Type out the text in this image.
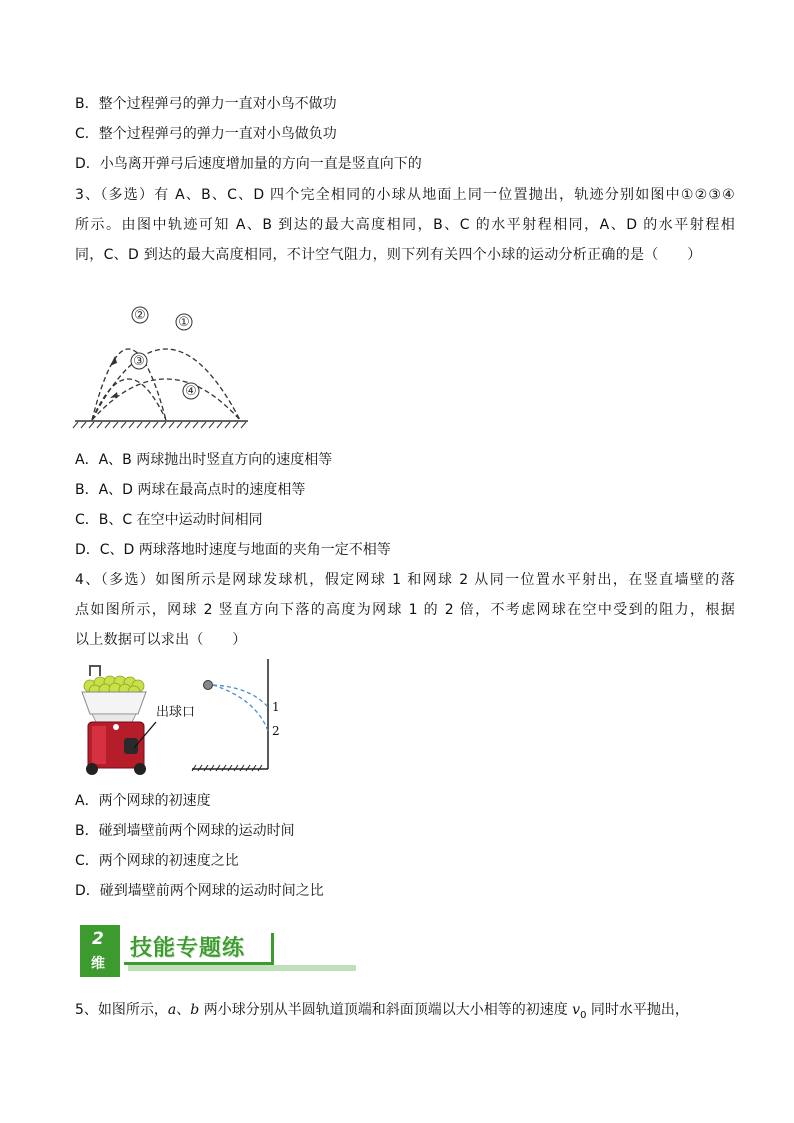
B．整个过程弹弓的弹力一直对小鸟不做功
C．整个过程弹弓的弹力一直对小鸟做负功
D．小鸟离开弹弓后速度增加量的方向一直是竖直向下的
3、（多选）有 A、B、C、D 四个完全相同的小球从地面上同一位置抛出，轨迹分别如图中①②③④
所示。由图中轨迹可知 A、B 到达的最大高度相同，B、C 的水平射程相同，A、D 的水平射程相
同，C、D 到达的最大高度相同，不计空气阻力，则下列有关四个小球的运动分析正确的是（　　）
② ①
③
④
A．A、B 两球抛出时竖直方向的速度相等
B．A、D 两球在最高点时的速度相等
C．B、C 在空中运动时间相同
D．C、D 两球落地时速度与地面的夹角一定不相等
4、（多选）如图所示是网球发球机，假定网球 1 和网球 2 从同一位置水平射出，在竖直墙壁的落
点如图所示，网球 2 竖直方向下落的高度为网球 1 的 2 倍，不考虑网球在空中受到的阻力，根据
以上数据可以求出（　　）
出球口	1
2
A．两个网球的初速度
B．碰到墙壁前两个网球的运动时间
C．两个网球的初速度之比
D．碰到墙壁前两个网球的运动时间之比
2
维
技能专题练
5、如图所示，a、b 两小球分别从半圆轨道顶端和斜面顶端以大小相等的初速度 $v_0$ 同时水平抛出，
